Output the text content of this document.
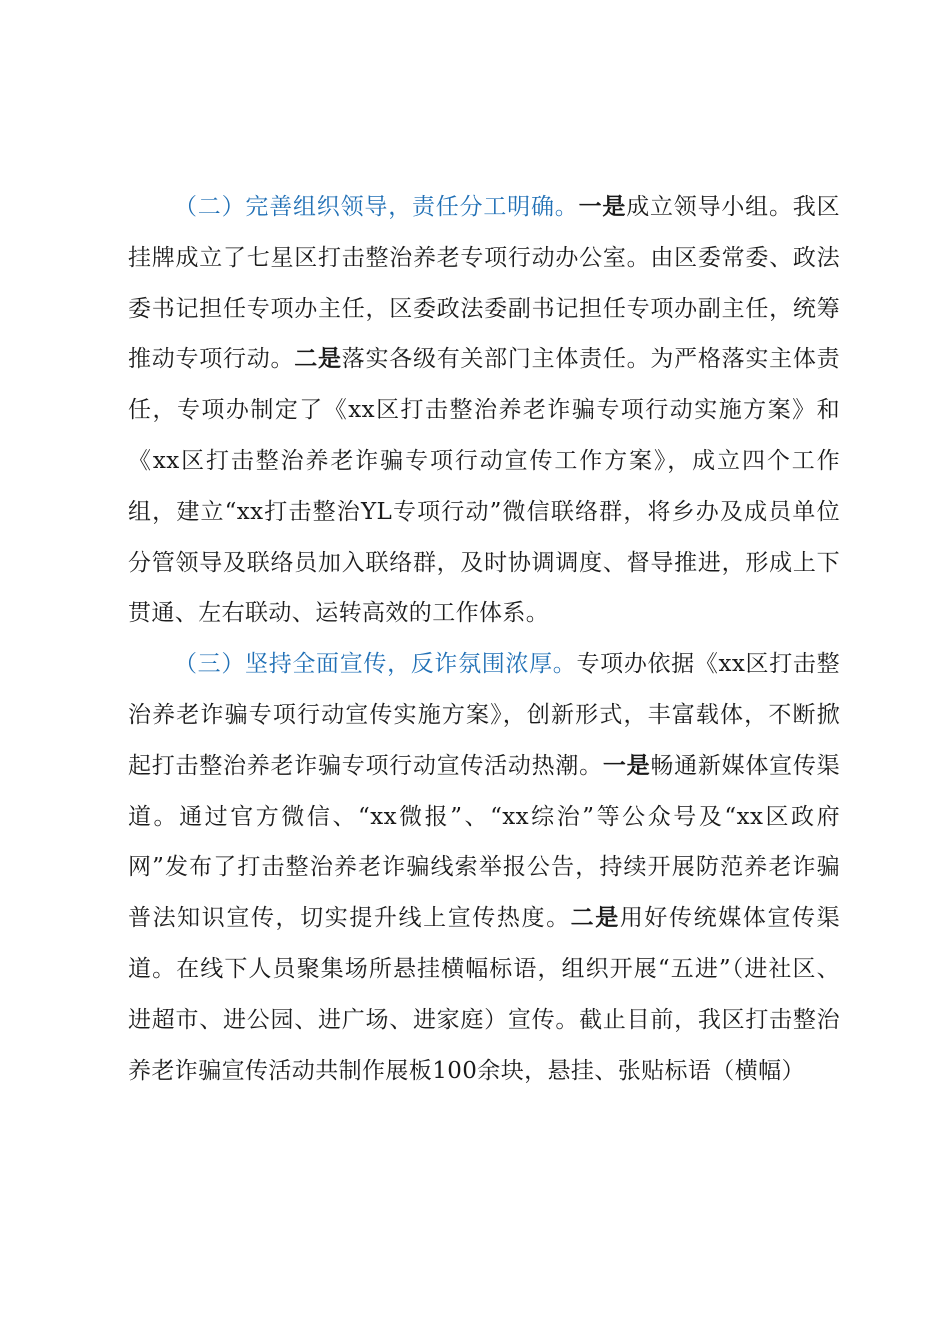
（二）完善组织领导，责任分工明确。一是成立领导小组。我区挂牌成立了七星区打击整治养老专项行动办公室。由区委常委、政法委书记担任专项办主任，区委政法委副书记担任专项办副主任，统筹推动专项行动。二是落实各级有关部门主体责任。为严格落实主体责任，专项办制定了《xx区打击整治养老诈骗专项行动实施方案》和《xx区打击整治养老诈骗专项行动宣传工作方案》，成立四个工作组，建立“xx打击整治YL专项行动”微信联络群，将乡办及成员单位分管领导及联络员加入联络群，及时协调调度、督导推进，形成上下贯通、左右联动、运转高效的工作体系。

（三）坚持全面宣传，反诈氛围浓厚。专项办依据《xx区打击整治养老诈骗专项行动宣传实施方案》，创新形式，丰富载体，不断掀起打击整治养老诈骗专项行动宣传活动热潮。一是畅通新媒体宣传渠道。通过官方微信、“xx微报”、“xx综治”等公众号及“xx区政府网”发布了打击整治养老诈骗线索举报公告，持续开展防范养老诈骗普法知识宣传，切实提升线上宣传热度。二是用好传统媒体宣传渠道。在线下人员聚集场所悬挂横幅标语，组织开展“五进”（进社区、进超市、进公园、进广场、进家庭）宣传。截止目前，我区打击整治养老诈骗宣传活动共制作展板100余块，悬挂、张贴标语（横幅）
